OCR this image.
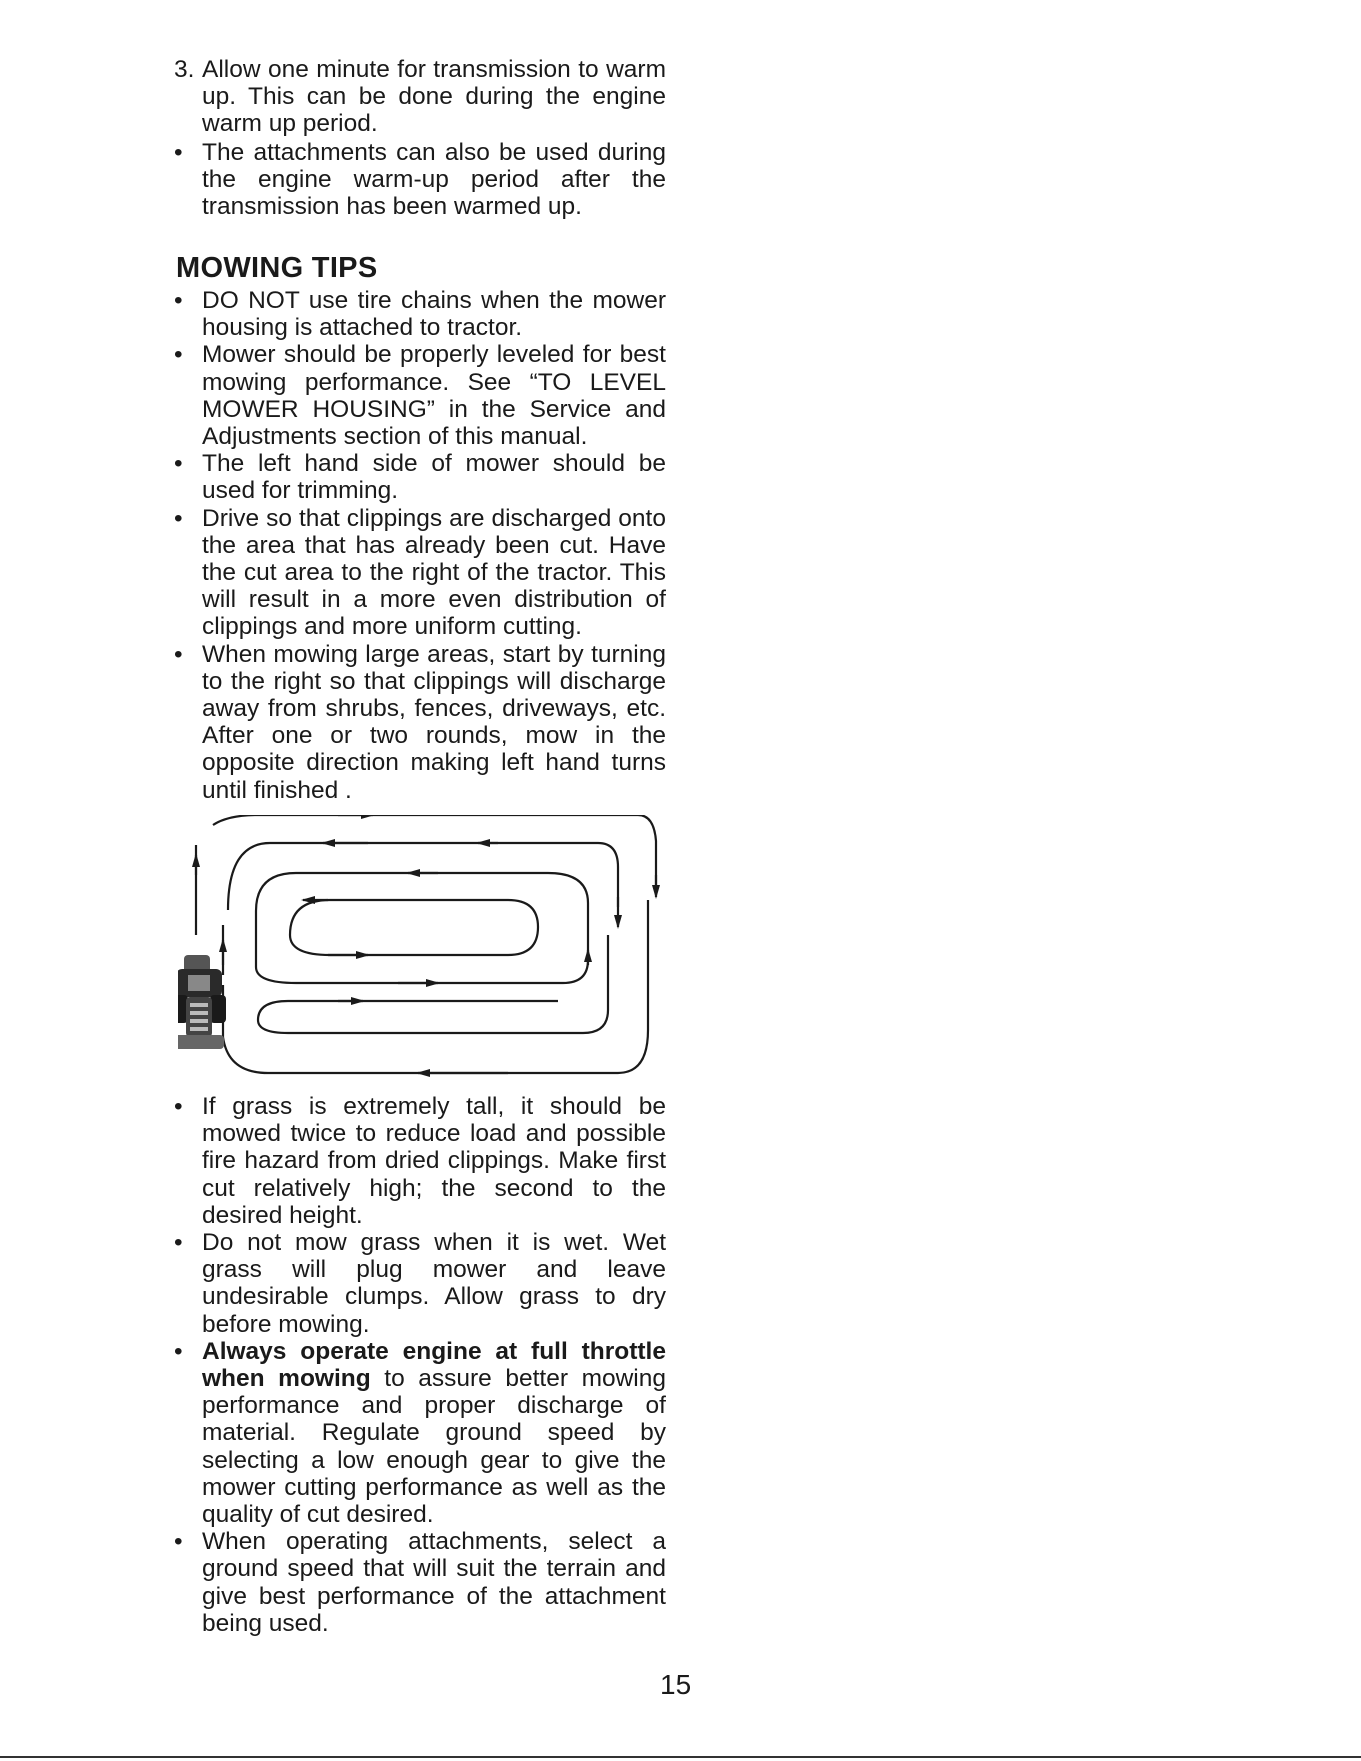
3. Allow one minute for transmission to warm up. This can be done during the engine warm up period.
• The attachments can also be used during the engine warm-up period after the transmission has been warmed up.
MOWING TIPS
• DO NOT use tire chains when the mower housing is attached to tractor.
• Mower should be properly leveled for best mowing performance. See “TO LEVEL MOWER HOUSING” in the Service and Adjustments section of this manual.
• The left hand side of mower should be used for trimming.
• Drive so that clippings are discharged onto the area that has already been cut. Have the cut area to the right of the tractor. This will result in a more even distribution of clippings and more uniform cutting.
• When mowing large areas, start by turning to the right so that clippings will discharge away from shrubs, fences, driveways, etc. After one or two rounds, mow in the opposite direction making left hand turns until finished .
• If grass is extremely tall, it should be mowed twice to reduce load and possible fire hazard from dried clippings. Make first cut relatively high; the second to the desired height.
• Do not mow grass when it is wet. Wet grass will plug mower and leave undesirable clumps. Allow grass to dry before mowing.
• Always operate engine at full throttle when mowing to assure better mowing performance and proper discharge of material. Regulate ground speed by selecting a low enough gear to give the mower cutting performance as well as the quality of cut desired.
• When operating attachments, select a ground speed that will suit the terrain and give best performance of the attachment being used.
15
